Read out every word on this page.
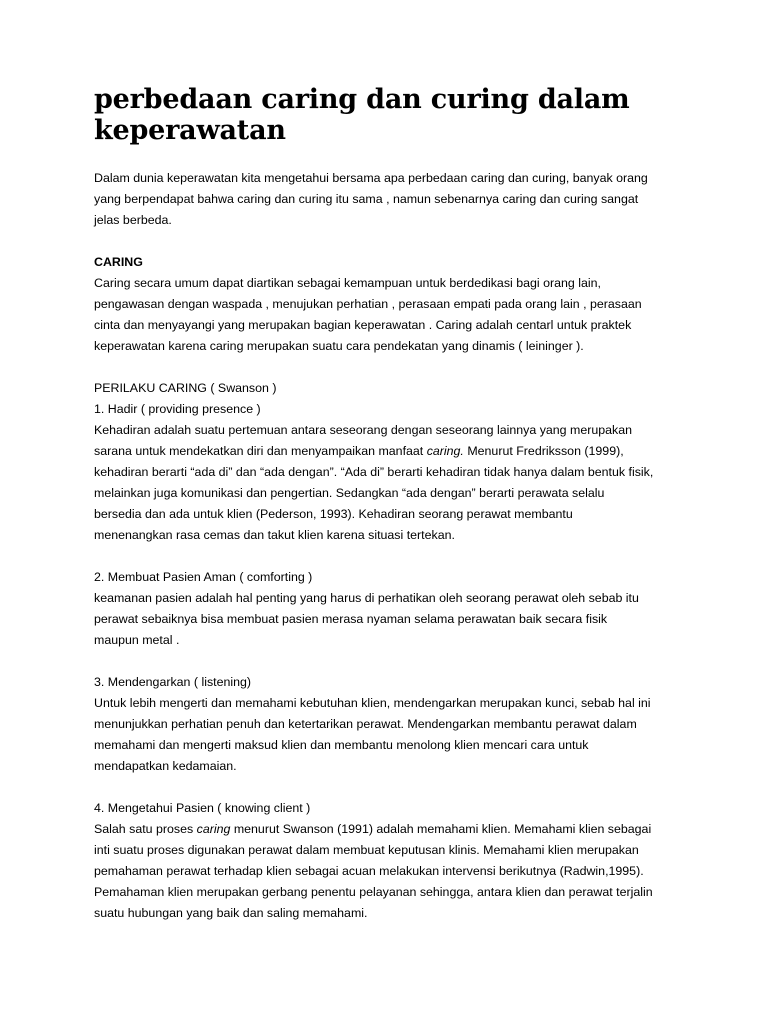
perbedaan caring dan curing dalam
keperawatan

Dalam dunia keperawatan kita mengetahui bersama apa perbedaan caring dan curing, banyak orang
yang berpendapat bahwa caring dan curing itu sama , namun sebenarnya caring dan curing sangat
jelas berbeda.

CARING
Caring secara umum dapat diartikan sebagai kemampuan untuk berdedikasi bagi orang lain,
pengawasan dengan waspada , menujukan perhatian , perasaan empati pada orang lain , perasaan
cinta dan menyayangi yang merupakan bagian keperawatan . Caring adalah centarl untuk praktek
keperawatan karena caring merupakan suatu cara pendekatan yang dinamis ( leininger ).

PERILAKU CARING ( Swanson )
1. Hadir ( providing presence )
Kehadiran adalah suatu pertemuan antara seseorang dengan seseorang lainnya yang merupakan
sarana untuk mendekatkan diri dan menyampaikan manfaat caring. Menurut Fredriksson (1999),
kehadiran berarti “ada di” dan “ada dengan”. “Ada di” berarti kehadiran tidak hanya dalam bentuk fisik,
melainkan juga komunikasi dan pengertian. Sedangkan “ada dengan” berarti perawata selalu
bersedia dan ada untuk klien (Pederson, 1993). Kehadiran seorang perawat membantu
menenangkan rasa cemas dan takut klien karena situasi tertekan.

2. Membuat Pasien Aman ( comforting )
keamanan pasien adalah hal penting yang harus di perhatikan oleh seorang perawat oleh sebab itu
perawat sebaiknya bisa membuat pasien merasa nyaman selama perawatan baik secara fisik
maupun metal .

3. Mendengarkan ( listening)
Untuk lebih mengerti dan memahami kebutuhan klien, mendengarkan merupakan kunci, sebab hal ini
menunjukkan perhatian penuh dan ketertarikan perawat. Mendengarkan membantu perawat dalam
memahami dan mengerti maksud klien dan membantu menolong klien mencari cara untuk
mendapatkan kedamaian.

4. Mengetahui Pasien ( knowing client )
Salah satu proses caring menurut Swanson (1991) adalah memahami klien. Memahami klien sebagai
inti suatu proses digunakan perawat dalam membuat keputusan klinis. Memahami klien merupakan
pemahaman perawat terhadap klien sebagai acuan melakukan intervensi berikutnya (Radwin,1995).
Pemahaman klien merupakan gerbang penentu pelayanan sehingga, antara klien dan perawat terjalin
suatu hubungan yang baik dan saling memahami.
